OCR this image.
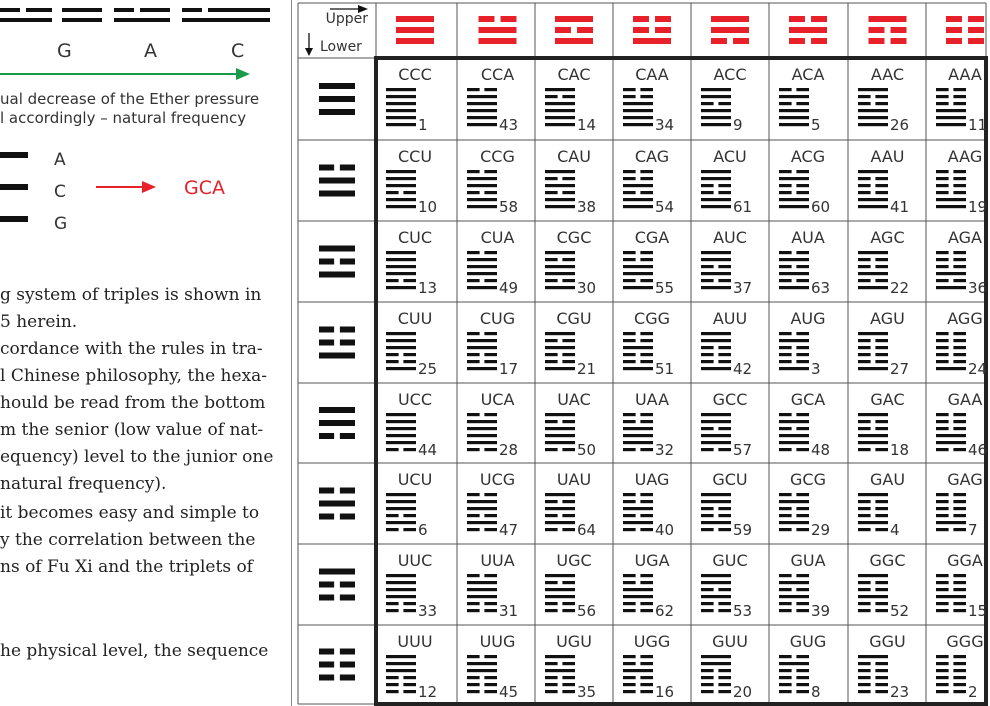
G	A	C
ual decrease of the Ether pressure
l accordingly – natural frequency
A
C
G
GCA
g system of triples is shown in
5 herein.
cordance with the rules in tra-
l Chinese philosophy, the hexa-
hould be read from the bottom
m the senior (low value of nat-
equency) level to the junior one
natural frequency).
it becomes easy and simple to
y the correlation between the
ns of Fu Xi and the triplets of
he physical level, the sequence
Upper
Lower
CCC
1
CCA
43
CAC
14
CAA
34
ACC
9
ACA
5
AAC
26
AAA
11
CCU
10
CCG
58
CAU
38
CAG
54
ACU
61
ACG
60
AAU
41
AAG
19
CUC
13
CUA
49
CGC
30
CGA
55
AUC
37
AUA
63
AGC
22
AGA
36
CUU
25
CUG
17
CGU
21
CGG
51
AUU
42
AUG
3
AGU
27
AGG
24
UCC
44
UCA
28
UAC
50
UAA
32
GCC
57
GCA
48
GAC
18
GAA
46
UCU
6
UCG
47
UAU
64
UAG
40
GCU
59
GCG
29
GAU
4
GAG
7
UUC
33
UUA
31
UGC
56
UGA
62
GUC
53
GUA
39
GGC
52
GGA
15
UUU
12
UUG
45
UGU
35
UGG
16
GUU
20
GUG
8
GGU
23
GGG
2
